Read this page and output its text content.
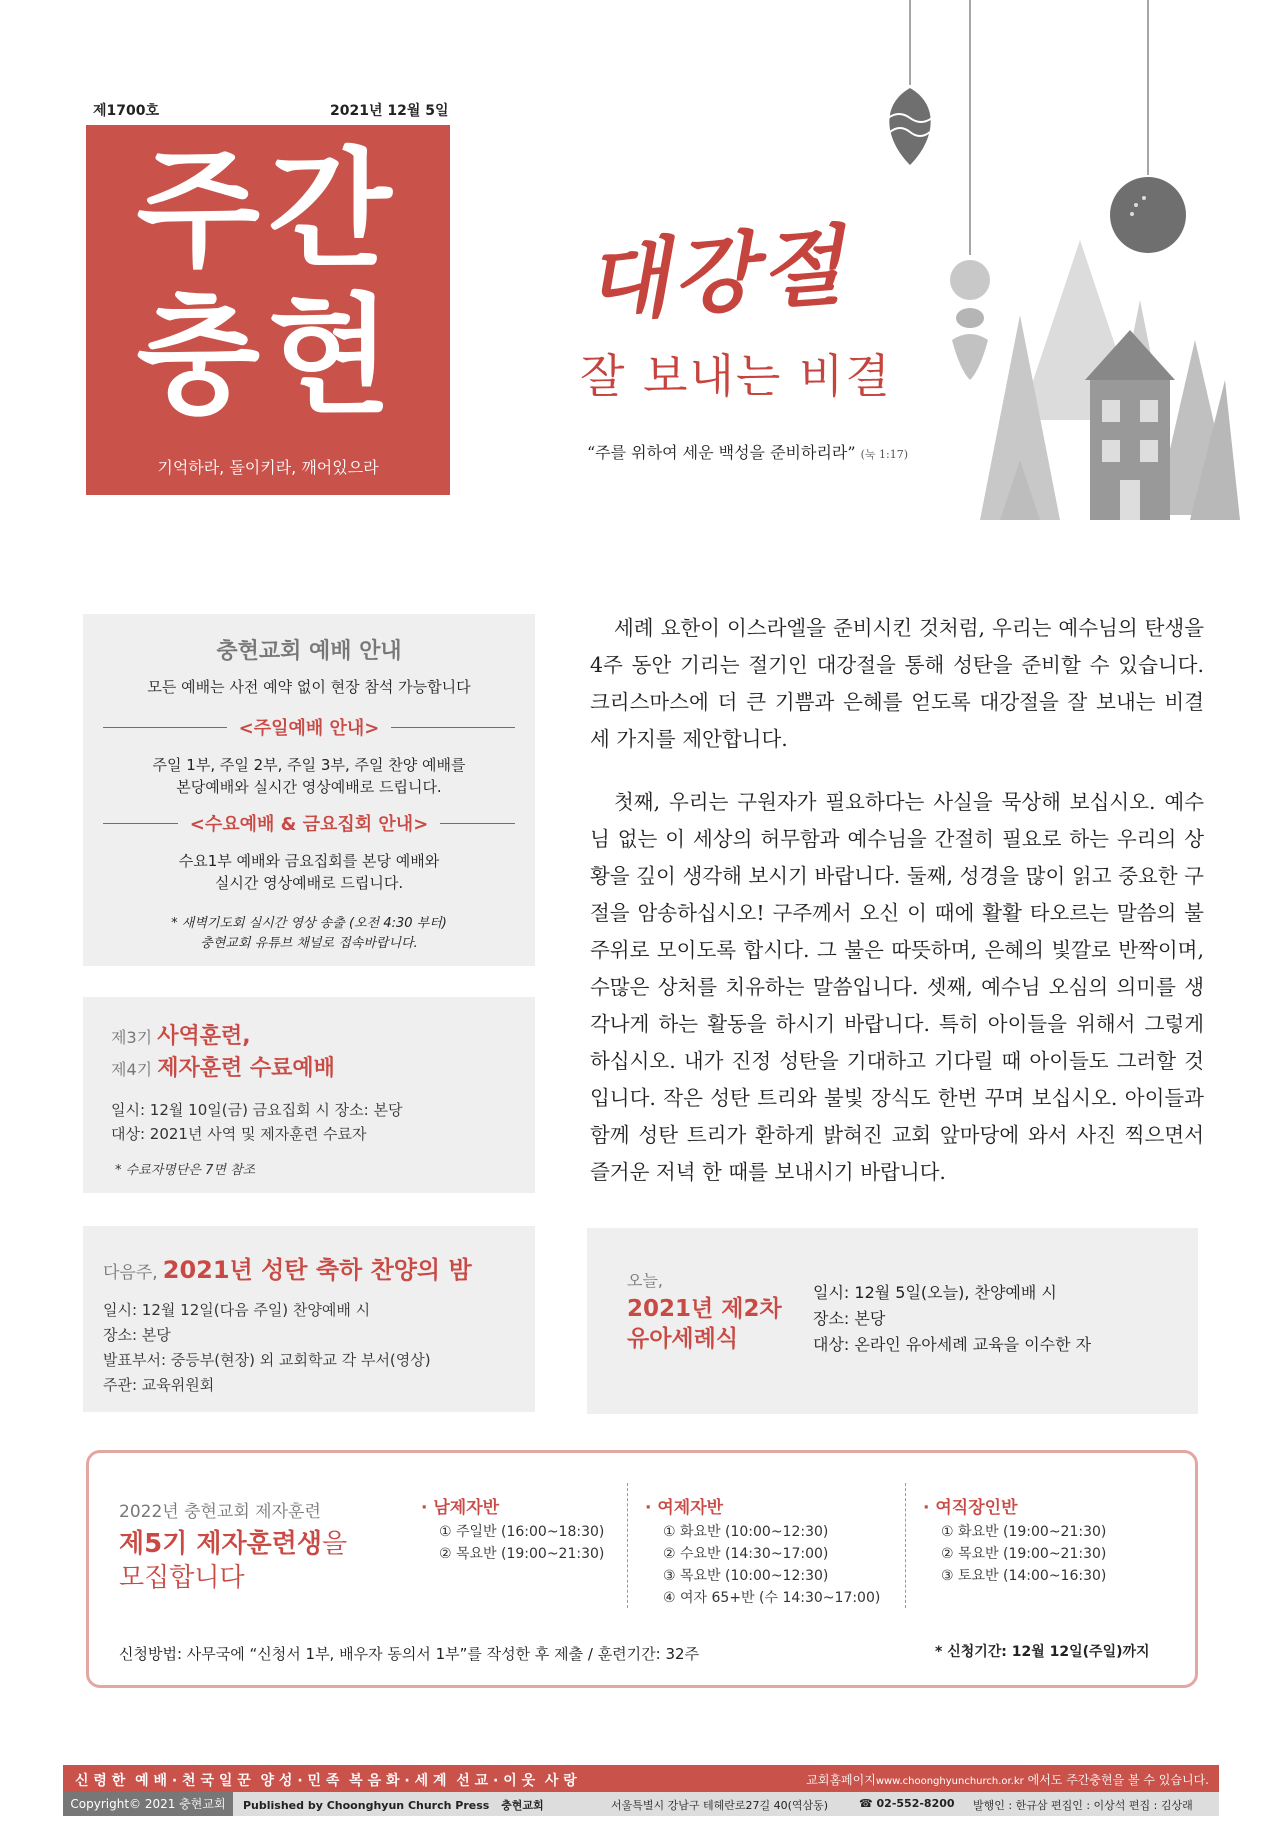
제1700호	2021년 12월 5일
주간
충현
기억하라, 돌이키라, 깨어있으라
대강절
잘 보내는 비결
“주를 위하여 세운 백성을 준비하리라” (눅 1:17)
충현교회 예배 안내
모든 예배는 사전 예약 없이 현장 참석 가능합니다
<주일예배 안내>
주일 1부, 주일 2부, 주일 3부, 주일 찬양 예배를
본당예배와 실시간 영상예배로 드립니다.
<수요예배 & 금요집회 안내>
수요1부 예배와 금요집회를 본당 예배와
실시간 영상예배로 드립니다.
* 새벽기도회 실시간 영상 송출 (오전 4:30 부터)
충현교회 유튜브 채널로 접속바랍니다.
제3기 사역훈련,
제4기 제자훈련 수료예배
일시: 12월 10일(금) 금요집회 시 장소: 본당
대상: 2021년 사역 및 제자훈련 수료자
* 수료자명단은 7면 참조
다음주, 2021년 성탄 축하 찬양의 밤
일시: 12월 12일(다음 주일) 찬양예배 시
장소: 본당
발표부서: 중등부(현장) 외 교회학교 각 부서(영상)
주관: 교육위원회
오늘,
2021년 제2차
유아세례식
일시: 12월 5일(오늘), 찬양예배 시
장소: 본당
대상: 온라인 유아세례 교육을 이수한 자

세례 요한이 이스라엘을 준비시킨 것처럼, 우리는 예수님의 탄생을 4주 동안 기리는 절기인 대강절을 통해 성탄을 준비할 수 있습니다. 크리스마스에 더 큰 기쁨과 은혜를 얻도록 대강절을 잘 보내는 비결 세 가지를 제안합니다.

첫째, 우리는 구원자가 필요하다는 사실을 묵상해 보십시오. 예수님 없는 이 세상의 허무함과 예수님을 간절히 필요로 하는 우리의 상황을 깊이 생각해 보시기 바랍니다. 둘째, 성경을 많이 읽고 중요한 구절을 암송하십시오! 구주께서 오신 이 때에 활활 타오르는 말씀의 불 주위로 모이도록 합시다. 그 불은 따뜻하며, 은혜의 빛깔로 반짝이며, 수많은 상처를 치유하는 말씀입니다. 셋째, 예수님 오심의 의미를 생각나게 하는 활동을 하시기 바랍니다. 특히 아이들을 위해서 그렇게 하십시오. 내가 진정 성탄을 기대하고 기다릴 때 아이들도 그러할 것입니다. 작은 성탄 트리와 불빛 장식도 한번 꾸며 보십시오. 아이들과 함께 성탄 트리가 환하게 밝혀진 교회 앞마당에 와서 사진 찍으면서 즐거운 저녁 한 때를 보내시기 바랍니다.

2022년 충현교회 제자훈련
제5기 제자훈련생을
모집합니다
· 남제자반
① 주일반 (16:00~18:30)
② 목요반 (19:00~21:30)
· 여제자반
① 화요반 (10:00~12:30)
② 수요반 (14:30~17:00)
③ 목요반 (10:00~12:30)
④ 여자 65+반 (수 14:30~17:00)
· 여직장인반
① 화요반 (19:00~21:30)
② 목요반 (19:00~21:30)
③ 토요반 (14:00~16:30)
신청방법: 사무국에 “신청서 1부, 배우자 동의서 1부”를 작성한 후 제출 / 훈련기간: 32주	* 신청기간: 12월 12일(주일)까지
신 령 한  예 배 · 천 국 일 꾼  양 성 · 민 족  복 음 화 · 세 계  선 교 · 이 웃  사 랑	교회홈페이지www.choonghyunchurch.or.kr 에서도 주간충현을 볼 수 있습니다.
Copyright© 2021 충현교회	Published by Choonghyun Church Press 충현교회	서울특별시 강남구 테헤란로27길 40(역삼동)	☎ 02-552-8200 발행인 : 한규삼 편집인 : 이상석 편집 : 김상래
